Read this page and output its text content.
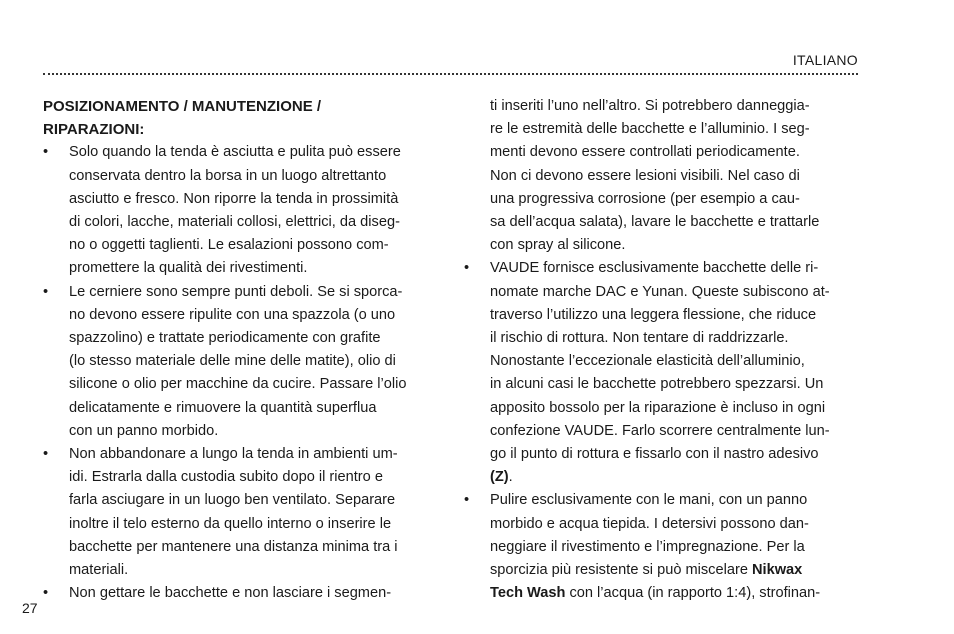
ITALIANO

POSIZIONAMENTO / MANUTENZIONE /
RIPARAZIONI:

• Solo quando la tenda è asciutta e pulita può essere
conservata dentro la borsa in un luogo altrettanto
asciutto e fresco. Non riporre la tenda in prossimità
di colori, lacche, materiali collosi, elettrici, da diseg-
no o oggetti taglienti. Le esalazioni possono com-
promettere la qualità dei rivestimenti.
• Le cerniere sono sempre punti deboli. Se si sporca-
no devono essere ripulite con una spazzola (o uno
spazzolino) e trattate periodicamente con grafite
(lo stesso materiale delle mine delle matite), olio di
silicone o olio per macchine da cucire. Passare l’olio
delicatamente e rimuovere la quantità superflua
con un panno morbido.
• Non abbandonare a lungo la tenda in ambienti um-
idi. Estrarla dalla custodia subito dopo il rientro e
farla asciugare in un luogo ben ventilato. Separare
inoltre il telo esterno da quello interno o inserire le
bacchette per mantenere una distanza minima tra i
materiali.
• Non gettare le bacchette e non lasciare i segmen-
ti inseriti l’uno nell’altro. Si potrebbero danneggia-
re le estremità delle bacchette e l’alluminio. I seg-
menti devono essere controllati periodicamente.
Non ci devono essere lesioni visibili. Nel caso di
una progressiva corrosione (per esempio a cau-
sa dell’acqua salata), lavare le bacchette e trattarle
con spray al silicone.
• VAUDE fornisce esclusivamente bacchette delle ri-
nomate marche DAC e Yunan. Queste subiscono at-
traverso l’utilizzo una leggera flessione, che riduce
il rischio di rottura. Non tentare di raddrizzarle.
Nonostante l’eccezionale elasticità dell’alluminio,
in alcuni casi le bacchette potrebbero spezzarsi. Un
apposito bossolo per la riparazione è incluso in ogni
confezione VAUDE. Farlo scorrere centralmente lun-
go il punto di rottura e fissarlo con il nastro adesivo
(Z).
• Pulire esclusivamente con le mani, con un panno
morbido e acqua tiepida. I detersivi possono dan-
neggiare il rivestimento e l’impregnazione. Per la
sporcizia più resistente si può miscelare Nikwax
Tech Wash con l’acqua (in rapporto 1:4), strofinan-
27
